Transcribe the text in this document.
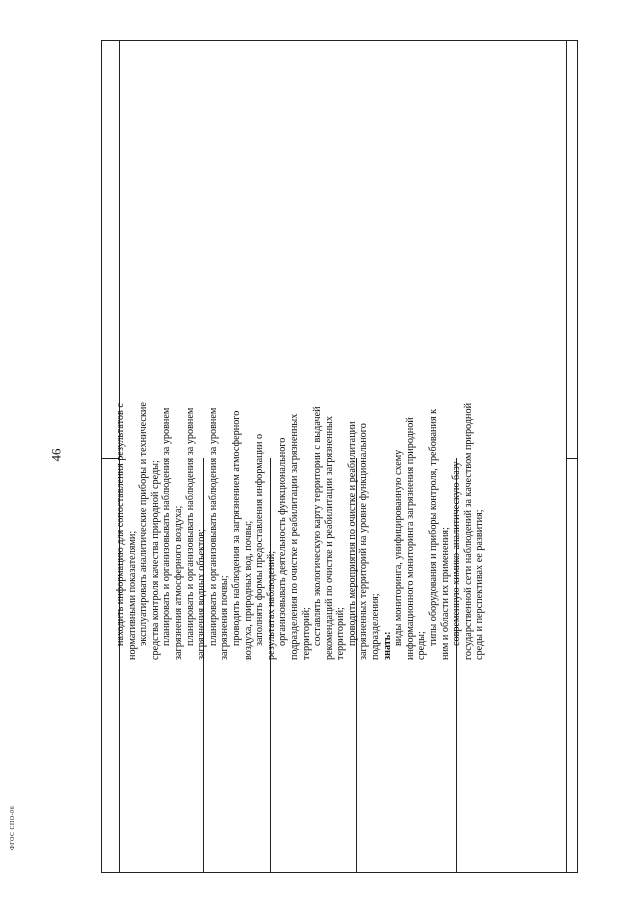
46
ФГОС СПО-06

находить информацию для сопоставления результатов с нормативными показателями; эксплуатировать аналитические приборы и технические средства контроля качества природной среды; планировать и организовывать наблюдения за уровнем загрязнения атмосферного воздуха; планировать и организовывать наблюдения за уровнем загрязнения водных объектов; планировать и организовывать наблюдения за уровнем загрязнения почвы; проводить наблюдения за загрязнением атмосферного воздуха, природных вод, почвы; заполнять формы предоставления информации о результатах наблюдений; организовывать деятельность функционального подразделения по очистке и реабилитации загрязненных территорий; составлять экологическую карту территории с выдачей рекомендаций по очистке и реабилитации загрязненных территорий; проводить мероприятия по очистке и реабилитации загрязненных территорий на уровне функционального подразделения; знать: виды мониторинга, унифицированную схему информационного мониторинга загрязнения природной среды; типы оборудования и приборы контроля, требования к ним и области их применения; современную химико-аналитическую базу государственной сети наблюдений за качеством природной среды и перспективах ее развития;
